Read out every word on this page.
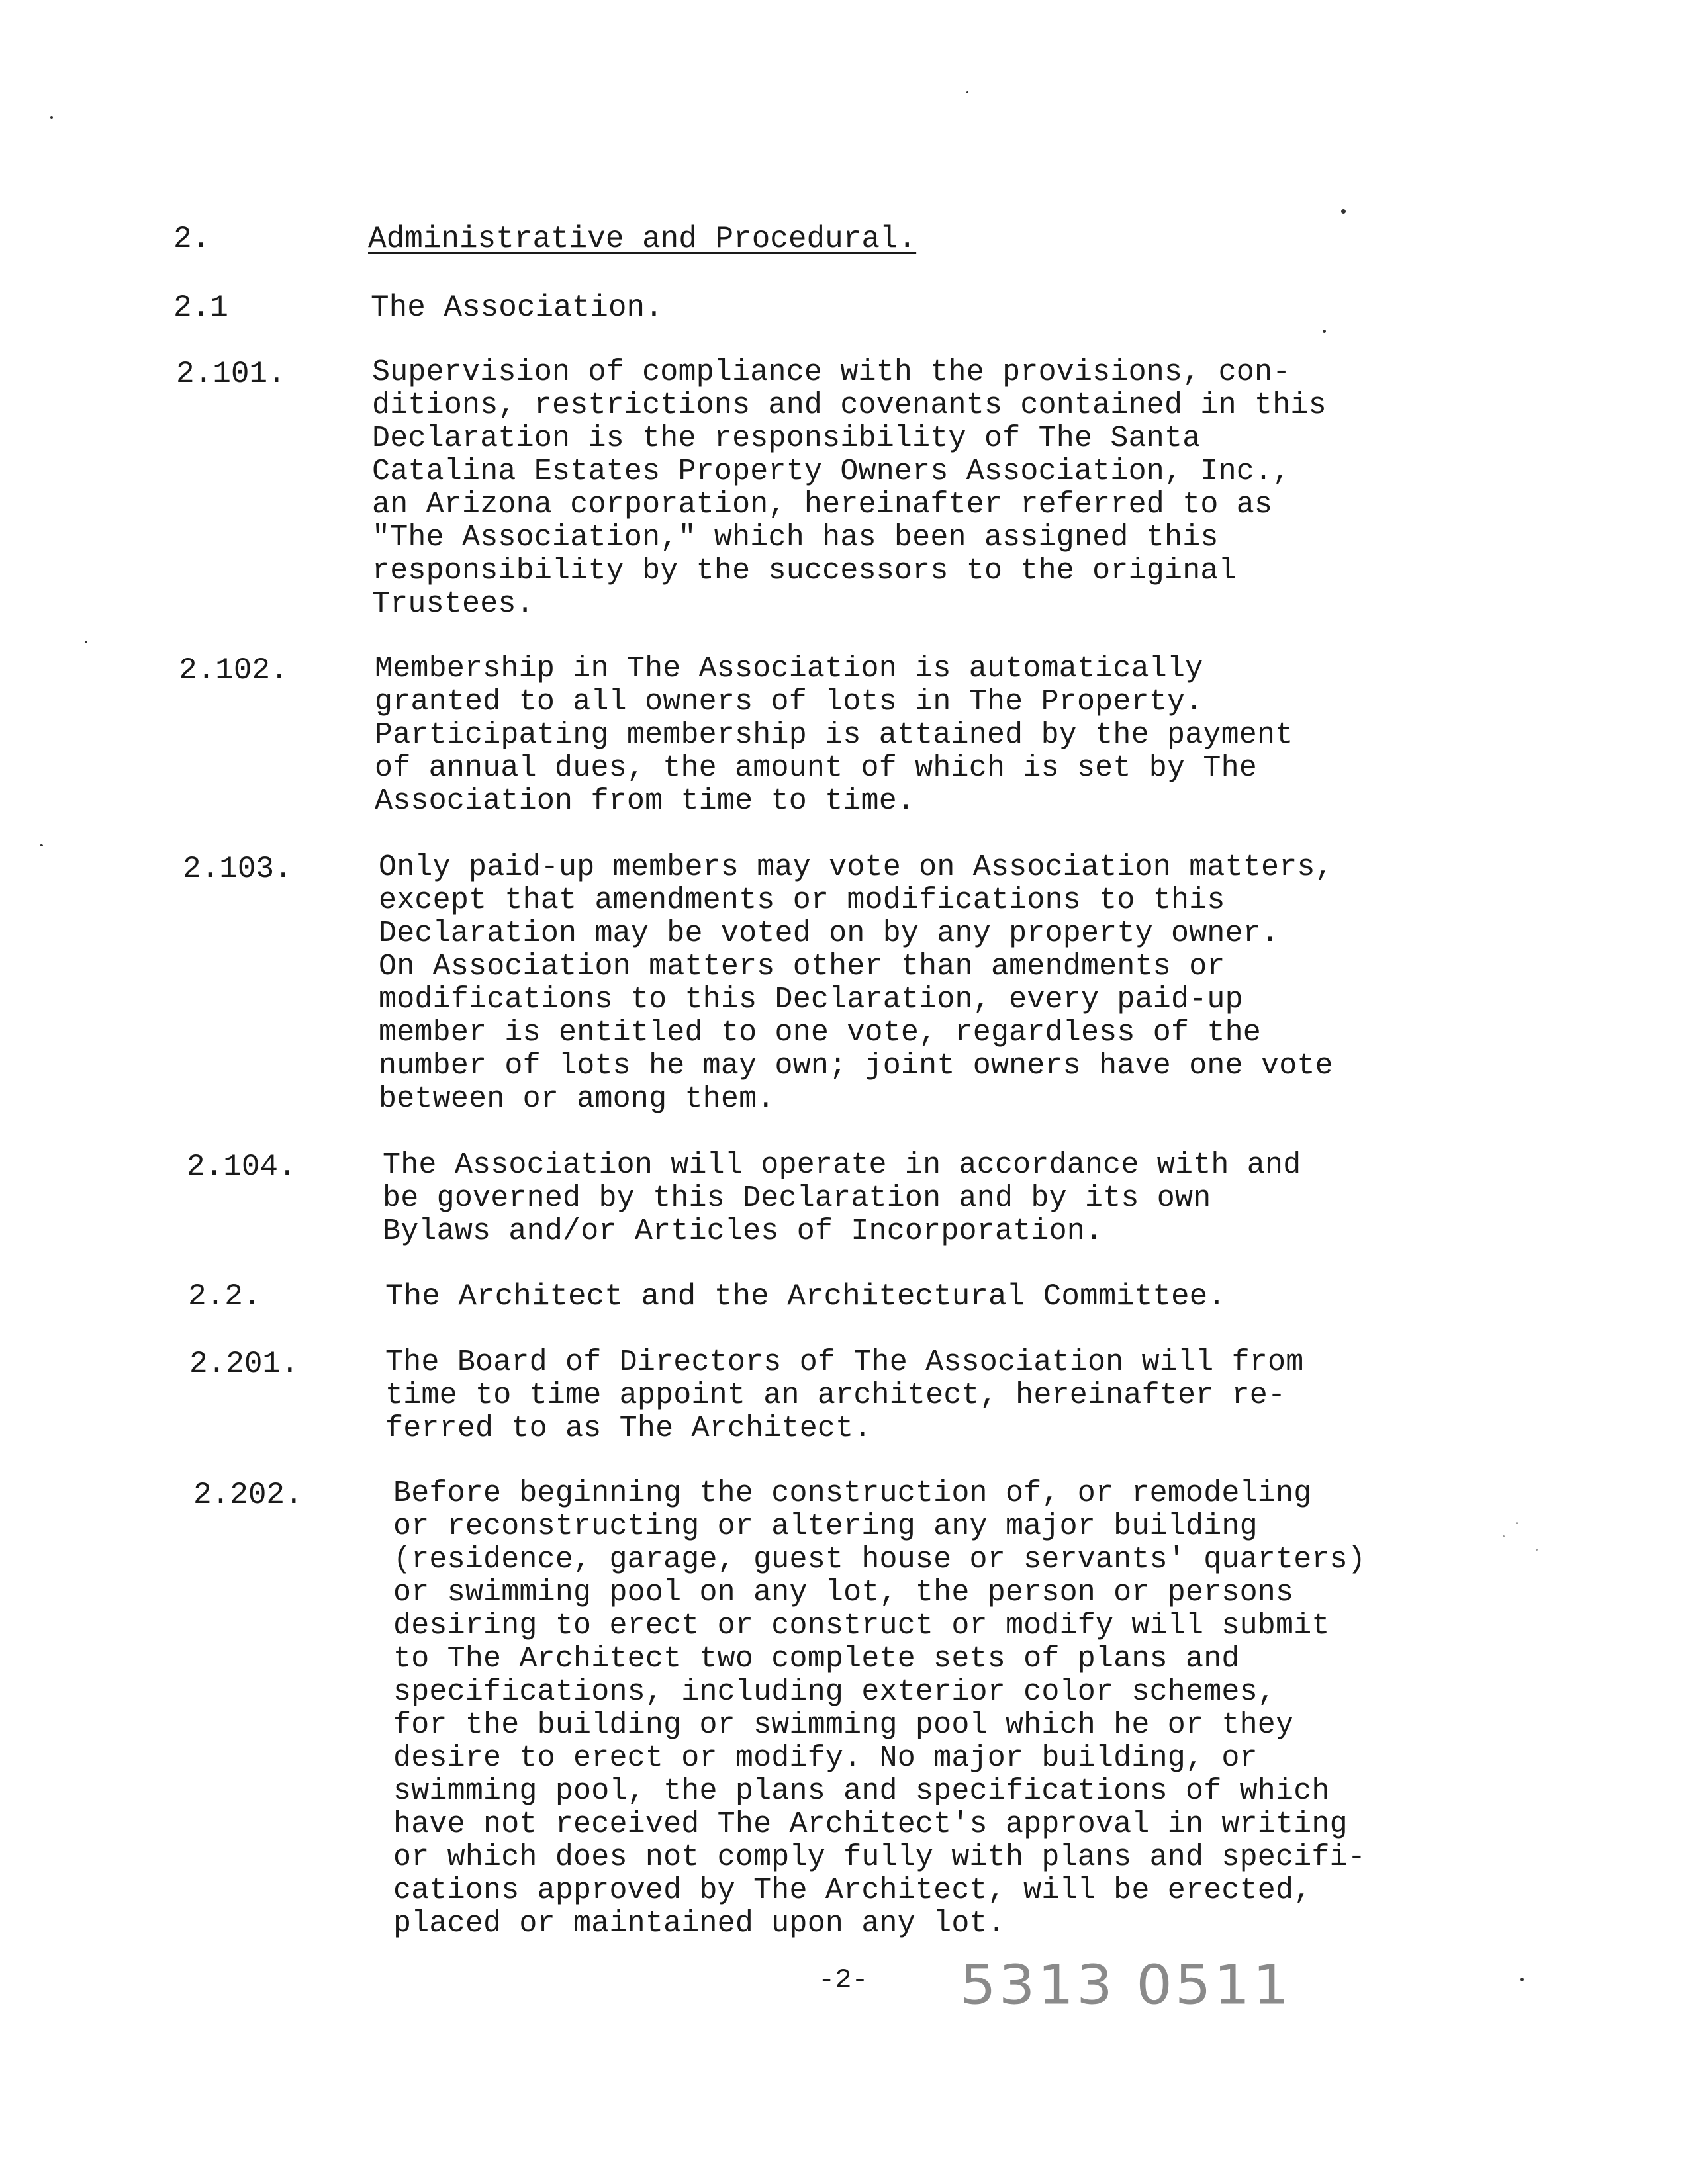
2.	Administrative and Procedural.
2.1	The Association.
2.101.	Supervision of compliance with the provisions, con-
ditions, restrictions and covenants contained in this
Declaration is the responsibility of The Santa
Catalina Estates Property Owners Association, Inc.,
an Arizona corporation, hereinafter referred to as
"The Association," which has been assigned this
responsibility by the successors to the original
Trustees.
2.102.	Membership in The Association is automatically
granted to all owners of lots in The Property.
Participating membership is attained by the payment
of annual dues, the amount of which is set by The
Association from time to time.
2.103.	Only paid-up members may vote on Association matters,
except that amendments or modifications to this
Declaration may be voted on by any property owner.
On Association matters other than amendments or
modifications to this Declaration, every paid-up
member is entitled to one vote, regardless of the
number of lots he may own; joint owners have one vote
between or among them.
2.104.	The Association will operate in accordance with and
be governed by this Declaration and by its own
Bylaws and/or Articles of Incorporation.
2.2.	The Architect and the Architectural Committee.
2.201.	The Board of Directors of The Association will from
time to time appoint an architect, hereinafter re-
ferred to as The Architect.
2.202.	Before beginning the construction of, or remodeling
or reconstructing or altering any major building
(residence, garage, guest house or servants' quarters)
or swimming pool on any lot, the person or persons
desiring to erect or construct or modify will submit
to The Architect two complete sets of plans and
specifications, including exterior color schemes,
for the building or swimming pool which he or they
desire to erect or modify. No major building, or
swimming pool, the plans and specifications of which
have not received The Architect's approval in writing
or which does not comply fully with plans and specifi-
cations approved by The Architect, will be erected,
placed or maintained upon any lot.
-2- 5313 0511
